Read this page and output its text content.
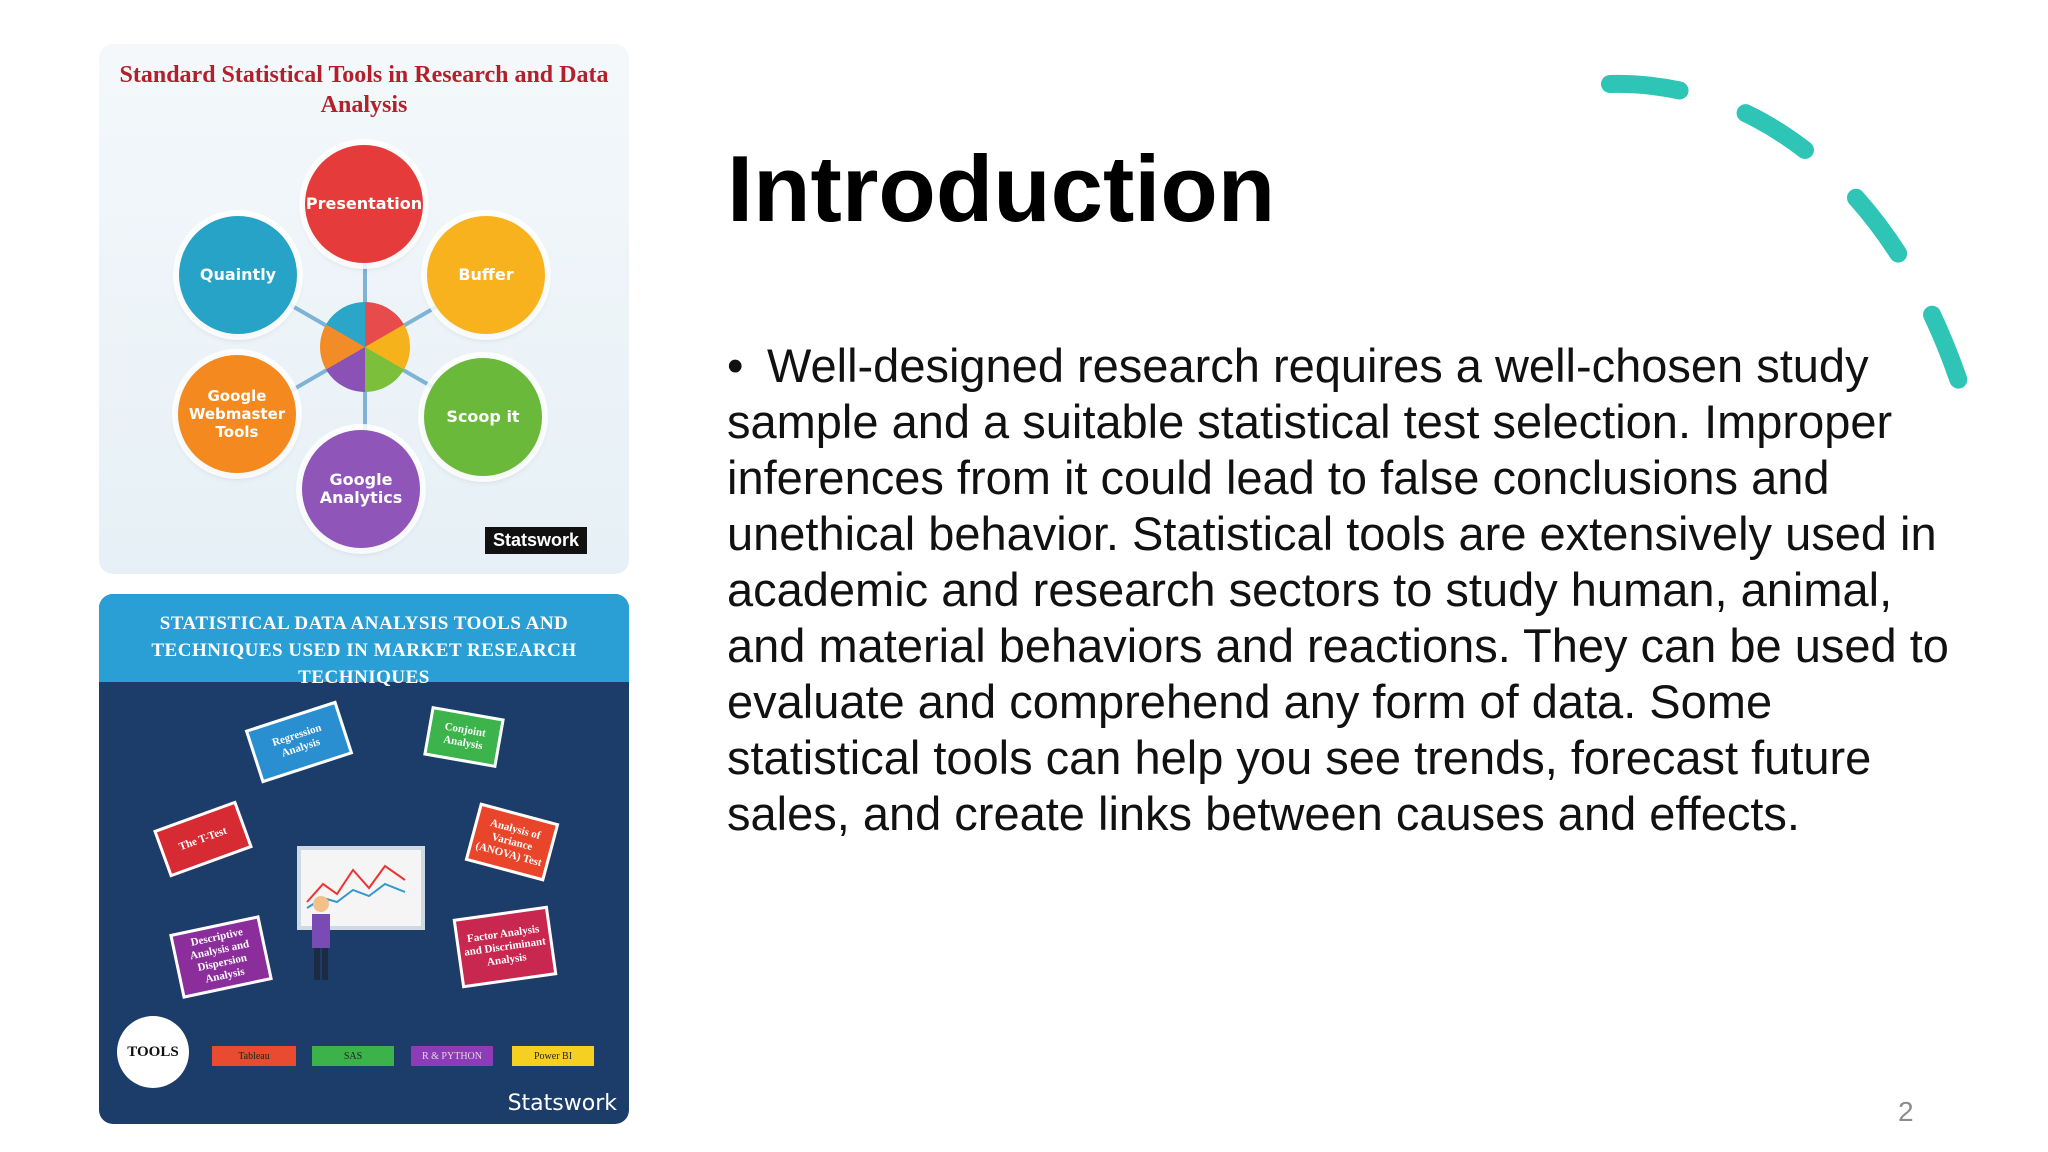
Standard Statistical Tools in Research and Data Analysis
Presentation
Buffer
Scoop it
Google Analytics
Google Webmaster Tools
Quaintly
Statswork
STATISTICAL DATA ANALYSIS TOOLS AND
TECHNIQUES USED IN MARKET RESEARCH TECHNIQUES
Regression Analysis
Conjoint Analysis
The T-Test	Analysis of Variance (ANOVA) Test
Descriptive Analysis and Dispersion Analysis
Factor Analysis and Discriminant Analysis
TOOLS	Tableau	SAS	R & PYTHON	Power BI
Statswork
Introduction
• Well-designed research requires a well-chosen study sample and a suitable statistical test selection. Improper inferences from it could lead to false conclusions and unethical behavior. Statistical tools are extensively used in academic and research sectors to study human, animal, and material behaviors and reactions. They can be used to evaluate and comprehend any form of data. Some statistical tools can help you see trends, forecast future sales, and create links between causes and effects.
2
